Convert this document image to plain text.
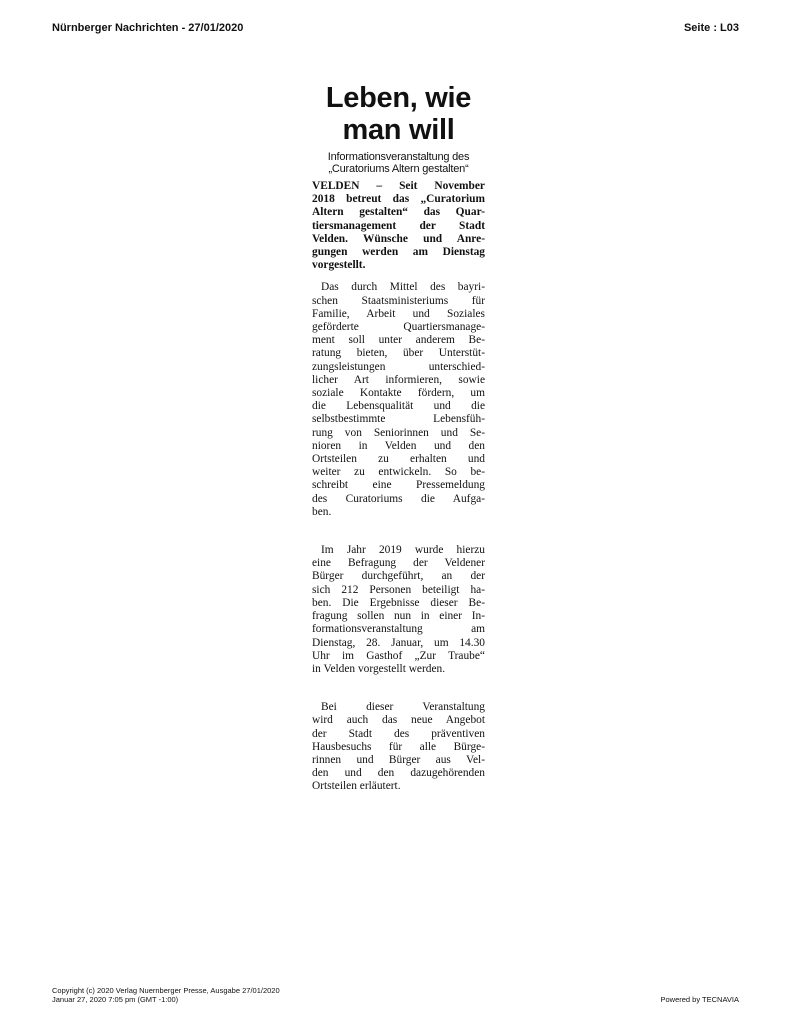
Nürnberger Nachrichten - 27/01/2020	Seite : L03
Leben, wie
man will
Informationsveranstaltung des
„Curatoriums Altern gestalten“
VELDEN – Seit November
2018 betreut das „Curatorium
Altern gestalten“ das Quar-
tiersmanagement der Stadt
Velden. Wünsche und Anre-
gungen werden am Dienstag
vorgestellt.
Das durch Mittel des bayri-
schen Staatsministeriums für
Familie, Arbeit und Soziales
geförderte Quartiersmanage-
ment soll unter anderem Be-
ratung bieten, über Unterstüt-
zungsleistungen unterschied-
licher Art informieren, sowie
soziale Kontakte fördern, um
die Lebensqualität und die
selbstbestimmte Lebensfüh-
rung von Seniorinnen und Se-
nioren in Velden und den
Ortsteilen zu erhalten und
weiter zu entwickeln. So be-
schreibt eine Pressemeldung
des Curatoriums die Aufga-
ben.
Im Jahr 2019 wurde hierzu
eine Befragung der Veldener
Bürger durchgeführt, an der
sich 212 Personen beteiligt ha-
ben. Die Ergebnisse dieser Be-
fragung sollen nun in einer In-
formationsveranstaltung am
Dienstag, 28. Januar, um 14.30
Uhr im Gasthof „Zur Traube“
in Velden vorgestellt werden.
Bei dieser Veranstaltung
wird auch das neue Angebot
der Stadt des präventiven
Hausbesuchs für alle Bürge-
rinnen und Bürger aus Vel-
den und den dazugehörenden
Ortsteilen erläutert.
Copyright (c) 2020 Verlag Nuernberger Presse, Ausgabe 27/01/2020
Januar 27, 2020 7:05 pm (GMT -1:00)	Powered by TECNAVIA
